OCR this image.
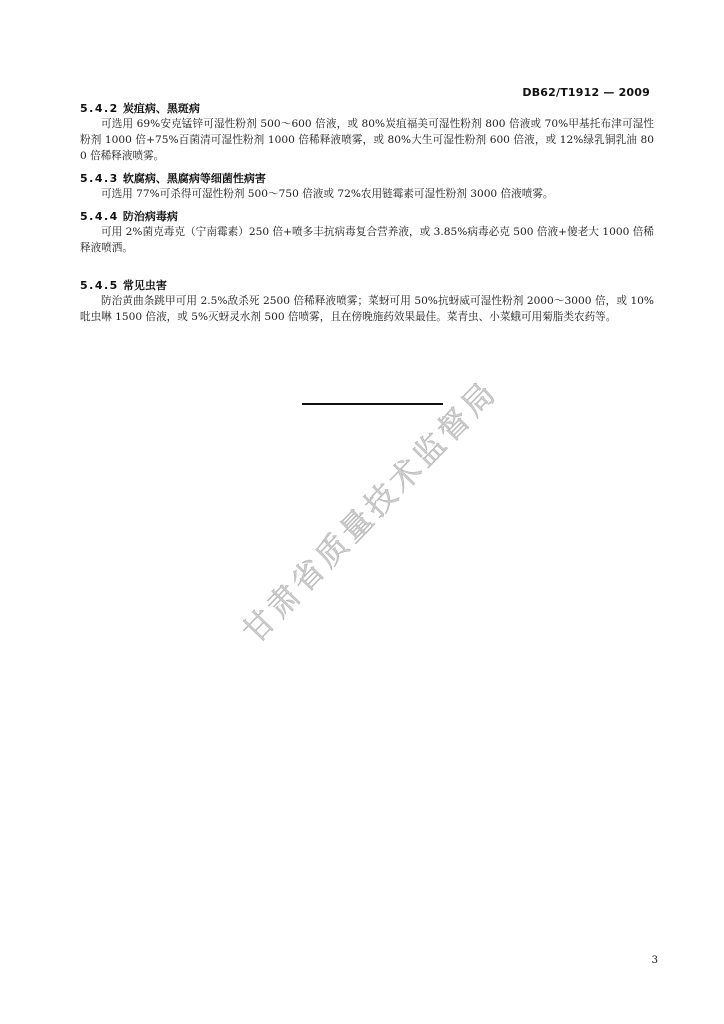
DB62/T1912 — 2009
5.4.2 炭疽病、黑斑病
可选用 69%安克锰锌可湿性粉剂 500～600 倍液，或 80%炭疽福美可湿性粉剂 800 倍液或 70%甲基托布津可湿性粉剂 1000 倍+75%百菌清可湿性粉剂 1000 倍稀释液喷雾，或 80%大生可湿性粉剂 600 倍液，或 12%绿乳铜乳油 800 倍稀释液喷雾。
5.4.3 软腐病、黑腐病等细菌性病害
可选用 77%可杀得可湿性粉剂 500～750 倍液或 72%农用链霉素可湿性粉剂 3000 倍液喷雾。
5.4.4 防治病毒病
可用 2%菌克毒克（宁南霉素）250 倍+喷多丰抗病毒复合营养液，或 3.85%病毒必克 500 倍液+傻老大 1000 倍稀释液喷洒。
5.4.5 常见虫害
防治黄曲条跳甲可用 2.5%敌杀死 2500 倍稀释液喷雾；菜蚜可用 50%抗蚜威可湿性粉剂 2000～3000 倍，或 10%吡虫啉 1500 倍液，或 5%灭蚜灵水剂 500 倍喷雾，且在傍晚施药效果最佳。菜青虫、小菜蛾可用菊脂类农药等。
甘肃省质量技术监督局
3
